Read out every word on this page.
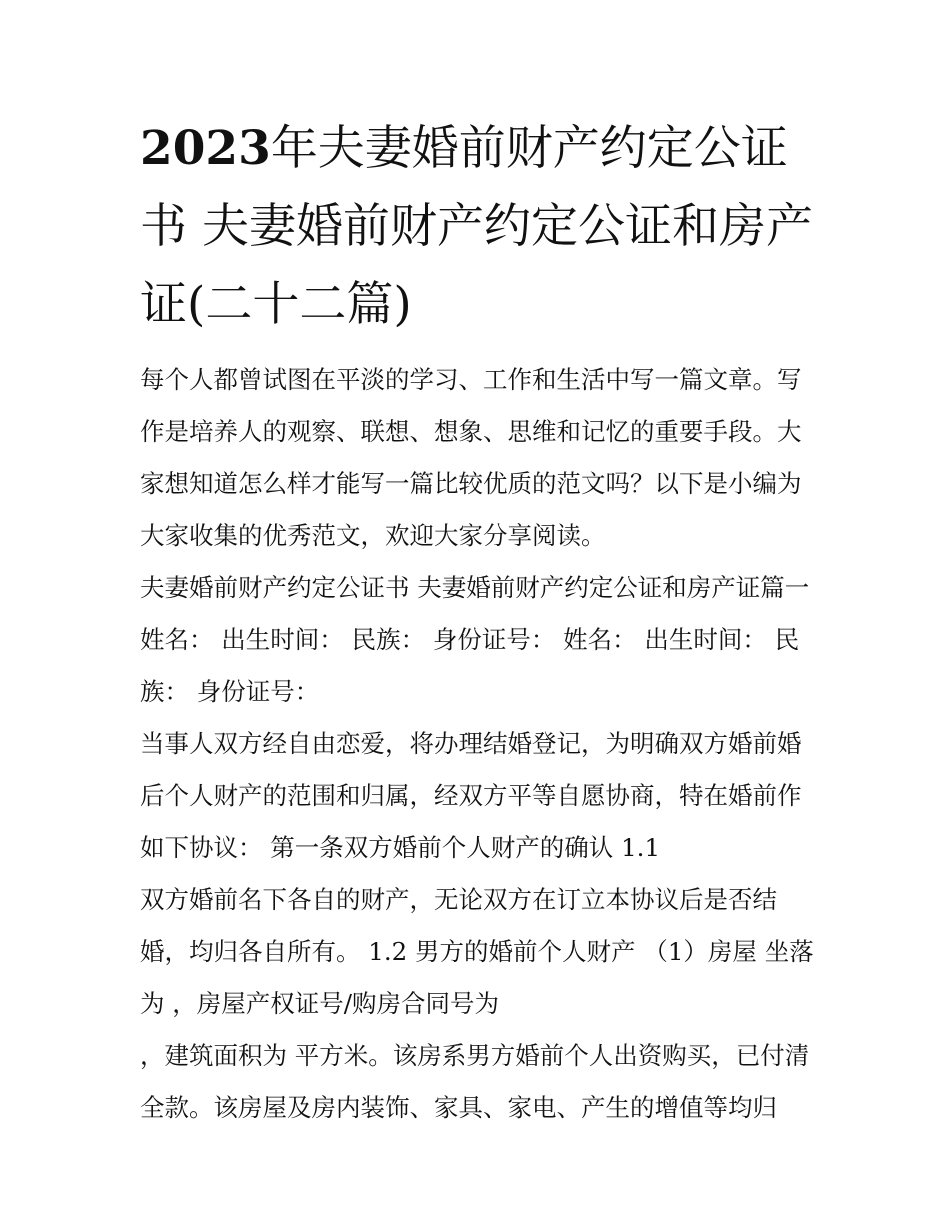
2023年夫妻婚前财产约定公证书 夫妻婚前财产约定公证和房产证(二十二篇)

每个人都曾试图在平淡的学习、工作和生活中写一篇文章。写作是培养人的观察、联想、想象、思维和记忆的重要手段。大家想知道怎么样才能写一篇比较优质的范文吗？以下是小编为大家收集的优秀范文，欢迎大家分享阅读。

夫妻婚前财产约定公证书 夫妻婚前财产约定公证和房产证篇一 姓名： 出生时间： 民族： 身份证号： 姓名： 出生时间： 民族： 身份证号：

当事人双方经自由恋爱，将办理结婚登记，为明确双方婚前婚后个人财产的范围和归属，经双方平等自愿协商，特在婚前作如下协议： 第一条双方婚前个人财产的确认 1.1

双方婚前名下各自的财产，无论双方在订立本协议后是否结婚，均归各自所有。 1.2 男方的婚前个人财产 （1）房屋 坐落为 ，房屋产权证号/购房合同号为

，建筑面积为 平方米。该房系男方婚前个人出资购买，已付清全款。该房屋及房内装饰、家具、家电、产生的增值等均归
